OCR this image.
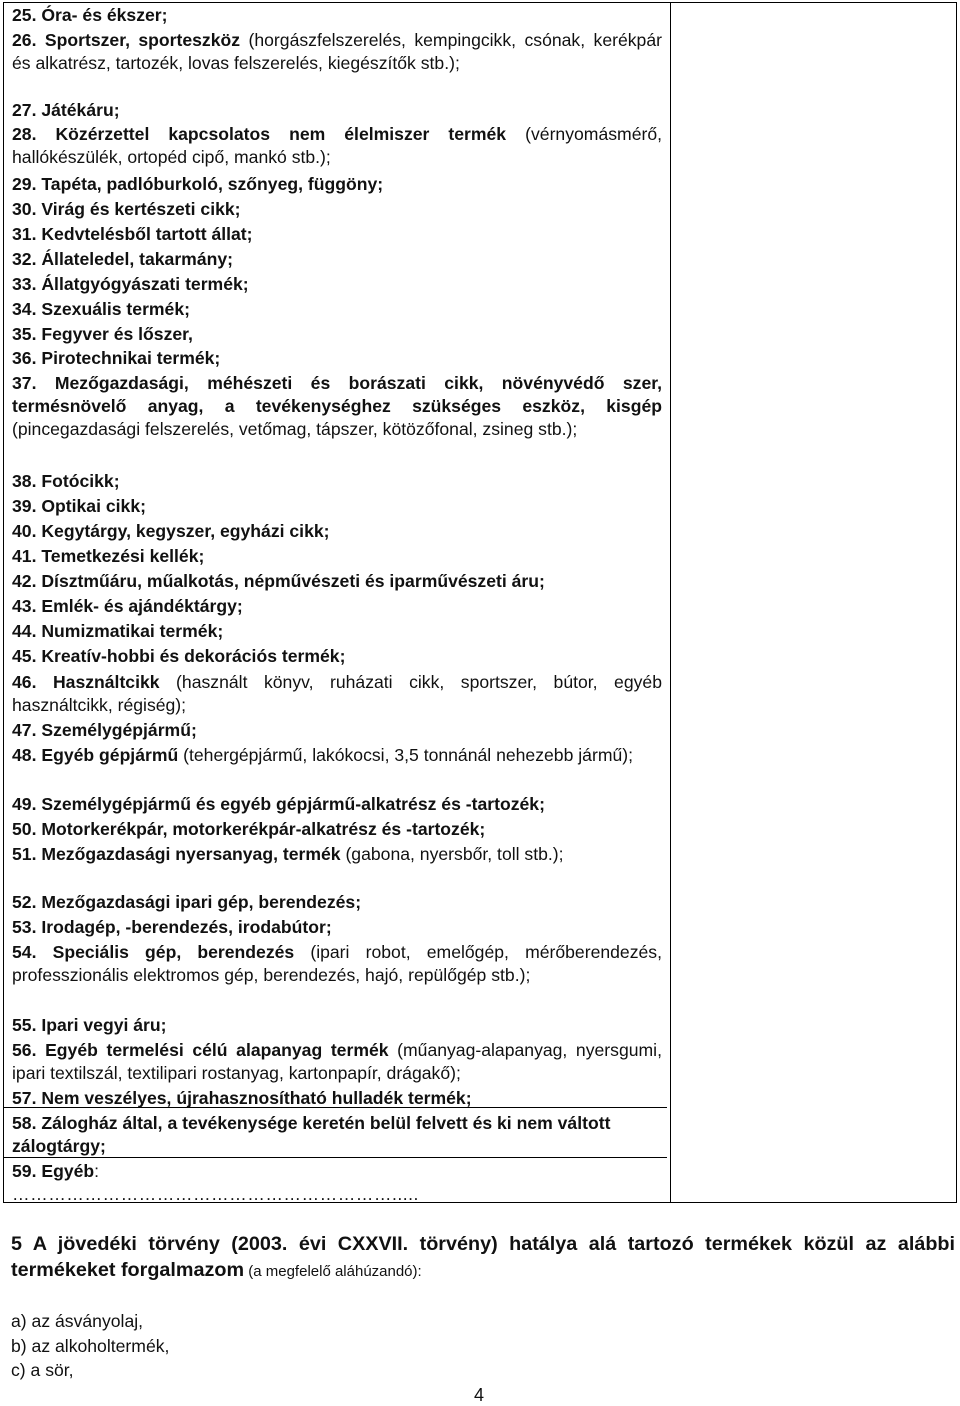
25. Óra- és ékszer;
26. Sportszer, sporteszköz (horgászfelszerelés, kempingcikk, csónak, kerékpár és alkatrész, tartozék, lovas felszerelés, kiegészítők stb.);
27. Játékáru;
28. Közérzettel kapcsolatos nem élelmiszer termék (vérnyomásmérő, hallókészülék, ortopéd cipő, mankó stb.);
29. Tapéta, padlóburkoló, szőnyeg, függöny;
30. Virág és kertészeti cikk;
31. Kedvtelésből tartott állat;
32. Állateledel, takarmány;
33. Állatgyógyászati termék;
34. Szexuális termék;
35. Fegyver és lőszer,
36. Pirotechnikai termék;
37. Mezőgazdasági, méhészeti és borászati cikk, növényvédő szer, termésnövelő anyag, a tevékenységhez szükséges eszköz, kisgép (pincegazdasági felszerelés, vetőmag, tápszer, kötözőfonal, zsineg stb.);
38. Fotócikk;
39. Optikai cikk;
40. Kegytárgy, kegyszer, egyházi cikk;
41. Temetkezési kellék;
42. Dísztműáru, műalkotás, népművészeti és iparművészeti áru;
43. Emlék- és ajándéktárgy;
44. Numizmatikai termék;
45. Kreatív-hobbi és dekorációs termék;
46. Használtcikk (használt könyv, ruházati cikk, sportszer, bútor, egyéb használtcikk, régiség);
47. Személygépjármű;
48. Egyéb gépjármű (tehergépjármű, lakókocsi, 3,5 tonnánál nehezebb jármű);
49. Személygépjármű és egyéb gépjármű-alkatrész és -tartozék;
50. Motorkerékpár, motorkerékpár-alkatrész és -tartozék;
51. Mezőgazdasági nyersanyag, termék (gabona, nyersbőr, toll stb.);
52. Mezőgazdasági ipari gép, berendezés;
53. Irodagép, -berendezés, irodabútor;
54. Speciális gép, berendezés (ipari robot, emelőgép, mérőberendezés, professzionális elektromos gép, berendezés, hajó, repülőgép stb.);
55. Ipari vegyi áru;
56. Egyéb termelési célú alapanyag termék (műanyag-alapanyag, nyersgumi, ipari textilszál, textilipari rostanyag, kartonpapír, drágakő);
57. Nem veszélyes, újrahasznosítható hulladék termék;
58. Zálogház által, a tevékenysége keretén belül felvett és ki nem váltott zálogtárgy;
59. Egyéb:
……………………………………………………….....
5 A jövedéki törvény (2003. évi CXXVII. törvény) hatálya alá tartozó termékek közül az alábbi termékeket forgalmazom (a megfelelő aláhúzandó):
a) az ásványolaj,
b) az alkoholtermék,
c) a sör,
4
